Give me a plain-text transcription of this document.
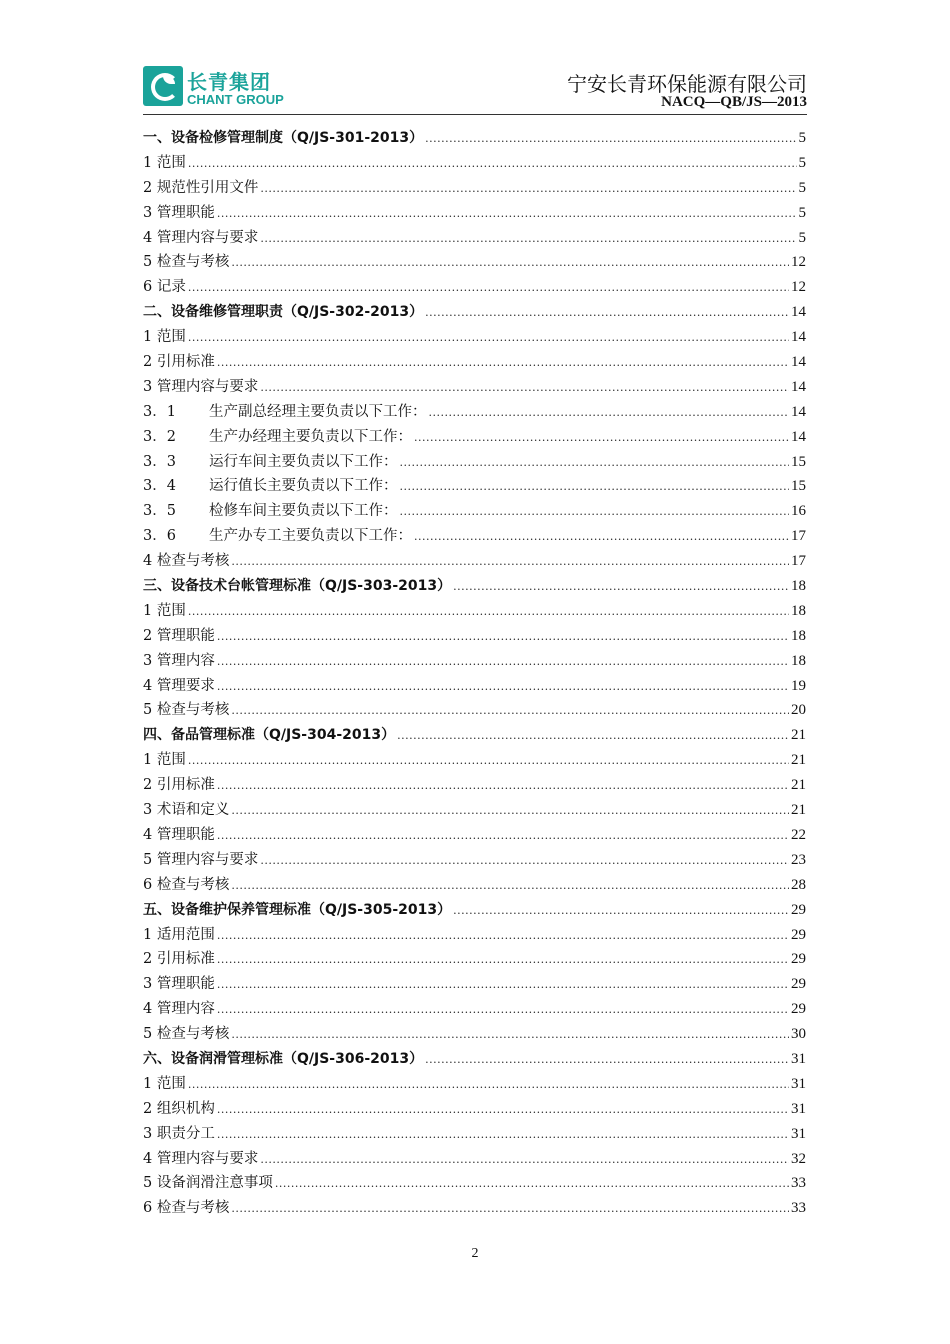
长青集团
CHANT GROUP
宁安长青环保能源有限公司
NACQ—QB/JS—2013
一、设备检修管理制度（Q/JS-301-2013） .....	5
1 范围 .....	5
2 规范性引用文件 .....	5
3 管理职能 .....	5
4 管理内容与要求 .....	5
5 检查与考核 .....	12
6 记录 .....	12
二、设备维修管理职责（Q/JS-302-2013） .....	14
1 范围 .....	14
2 引用标准 .....	14
3 管理内容与要求 .....	14
3．1 生产副总经理主要负责以下工作： .....	14
3．2 生产办经理主要负责以下工作： .....	14
3．3 运行车间主要负责以下工作： .....	15
3．4 运行值长主要负责以下工作： .....	15
3．5 检修车间主要负责以下工作： .....	16
3．6 生产办专工主要负责以下工作： .....	17
4 检查与考核 .....	17
三、设备技术台帐管理标准（Q/JS-303-2013） .....	18
1 范围 .....	18
2 管理职能 .....	18
3 管理内容 .....	18
4 管理要求 .....	19
5 检查与考核 .....	20
四、备品管理标准（Q/JS-304-2013） .....	21
1 范围 .....	21
2 引用标准 .....	21
3 术语和定义 .....	21
4 管理职能 .....	22
5 管理内容与要求 .....	23
6 检查与考核 .....	28
五、设备维护保养管理标准（Q/JS-305-2013） .....	29
1 适用范围 .....	29
2 引用标准 .....	29
3 管理职能 .....	29
4 管理内容 .....	29
5 检查与考核 .....	30
六、设备润滑管理标准（Q/JS-306-2013） .....	31
1 范围 .....	31
2 组织机构 .....	31
3 职责分工 .....	31
4 管理内容与要求 .....	32
5 设备润滑注意事项 .....	33
6 检查与考核 .....	33
2
